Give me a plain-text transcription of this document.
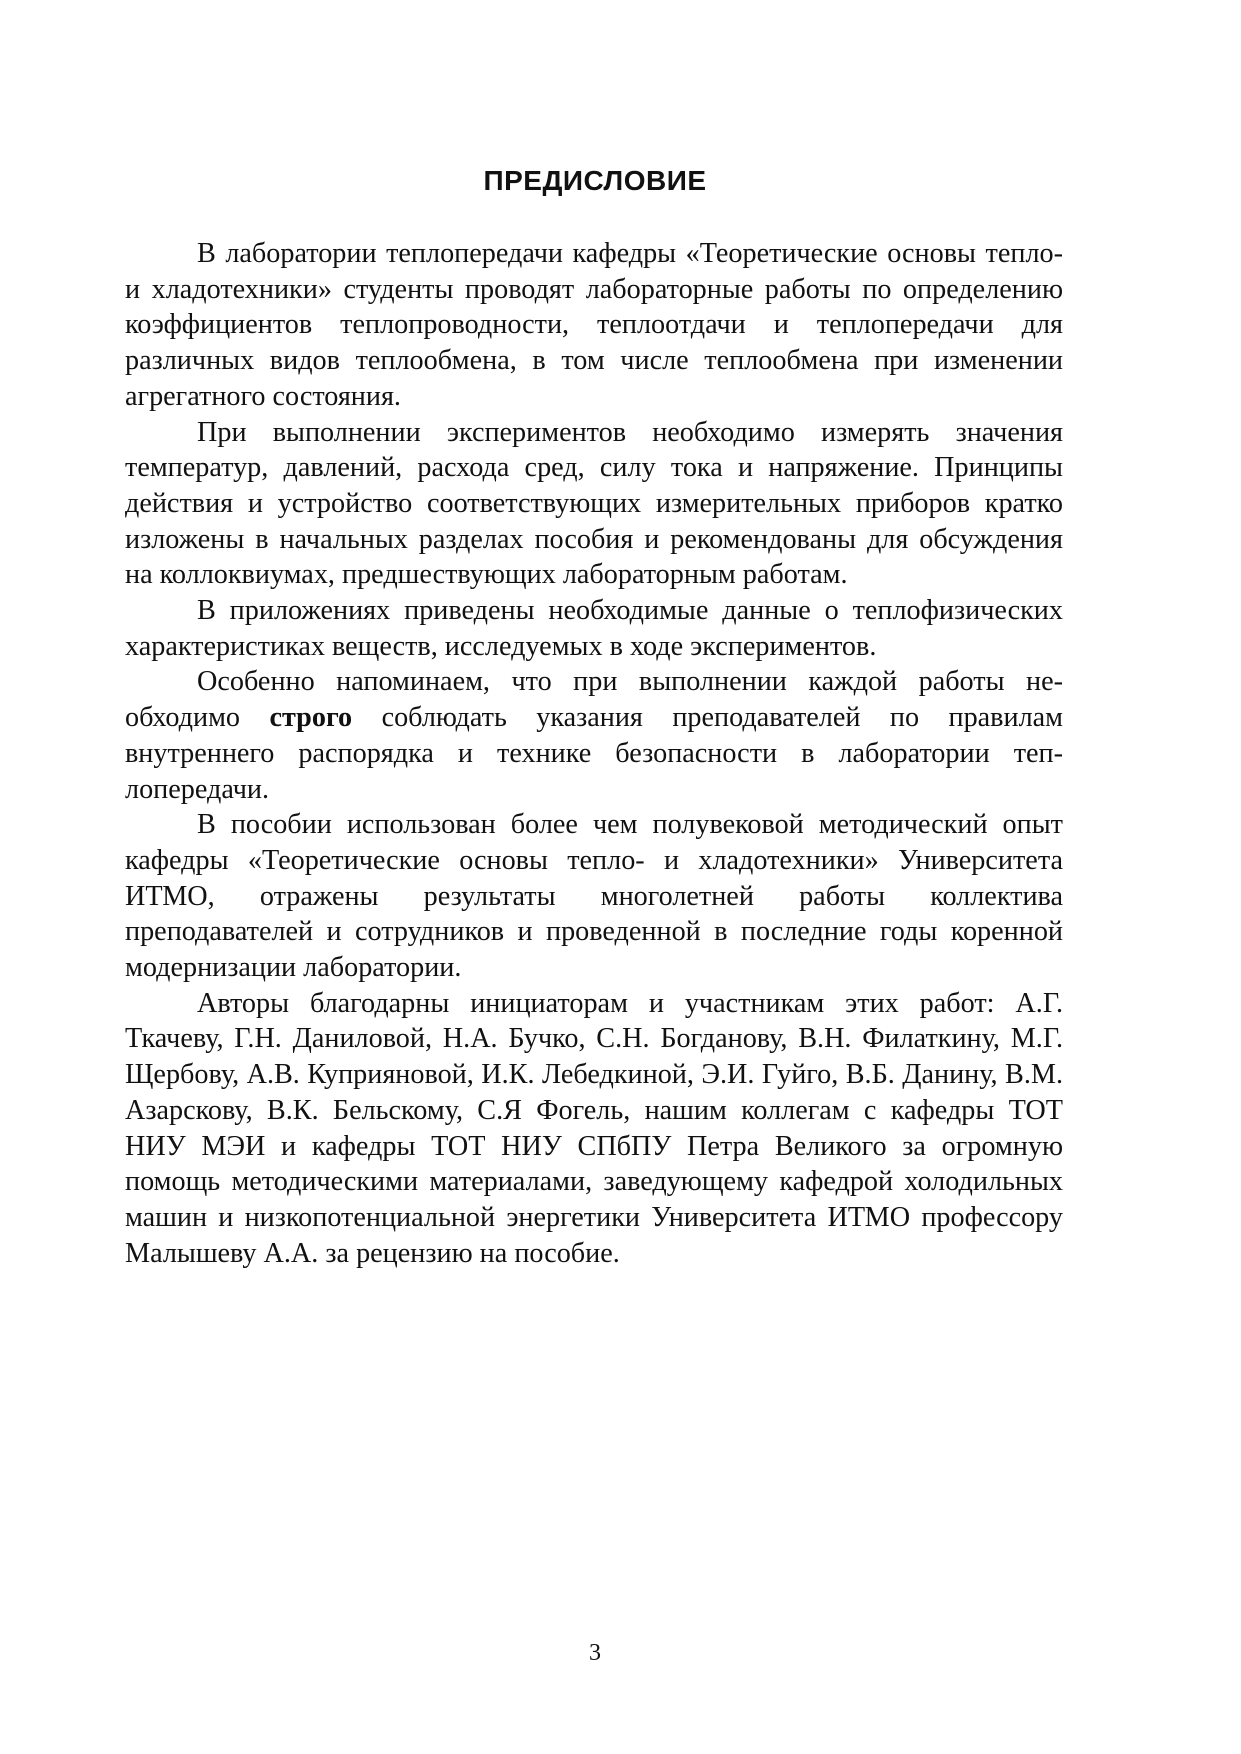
ПРЕДИСЛОВИЕ

В лаборатории теплопередачи кафедры «Теоретические основы тепло- и хладотехники» студенты проводят лабораторные работы по определению коэффициентов теплопроводности, теплоотдачи и теплопередачи для различных видов теплообмена, в том числе теплообмена при изменении агрегатного состояния.

При выполнении экспериментов необходимо измерять значения температур, давлений, расхода сред, силу тока и напряжение. Принципы действия и устройство соответствующих измерительных приборов кратко изложены в начальных разделах пособия и рекомендованы для обсуждения на коллоквиумах, предшествующих лабораторным работам.

В приложениях приведены необходимые данные о теплофизических характеристиках веществ, исследуемых в ходе экспериментов.

Особенно напоминаем, что при выполнении каждой работы необходимо строго соблюдать указания преподавателей по правилам внутреннего распорядка и технике безопасности в лаборатории теплопередачи.

В пособии использован более чем полувековой методический опыт кафедры «Теоретические основы тепло- и хладотехники» Университета ИТМО, отражены результаты многолетней работы коллектива преподавателей и сотрудников и проведенной в последние годы коренной модернизации лаборатории.

Авторы благодарны инициаторам и участникам этих работ: А.Г. Ткачеву, Г.Н. Даниловой, Н.А. Бучко, С.Н. Богданову, В.Н. Филаткину, М.Г. Щербову, А.В. Куприяновой, И.К. Лебедкиной, Э.И. Гуйго, В.Б. Данину, В.М. Азарскову, В.К. Бельскому, С.Я Фогель, нашим коллегам с кафедры ТОТ НИУ МЭИ и кафедры ТОТ НИУ СПбПУ Петра Великого за огромную помощь методическими материалами, заведующему кафедрой холодильных машин и низкопотенциальной энергетики Университета ИТМО профессору Малышеву А.А. за рецензию на пособие.

3
